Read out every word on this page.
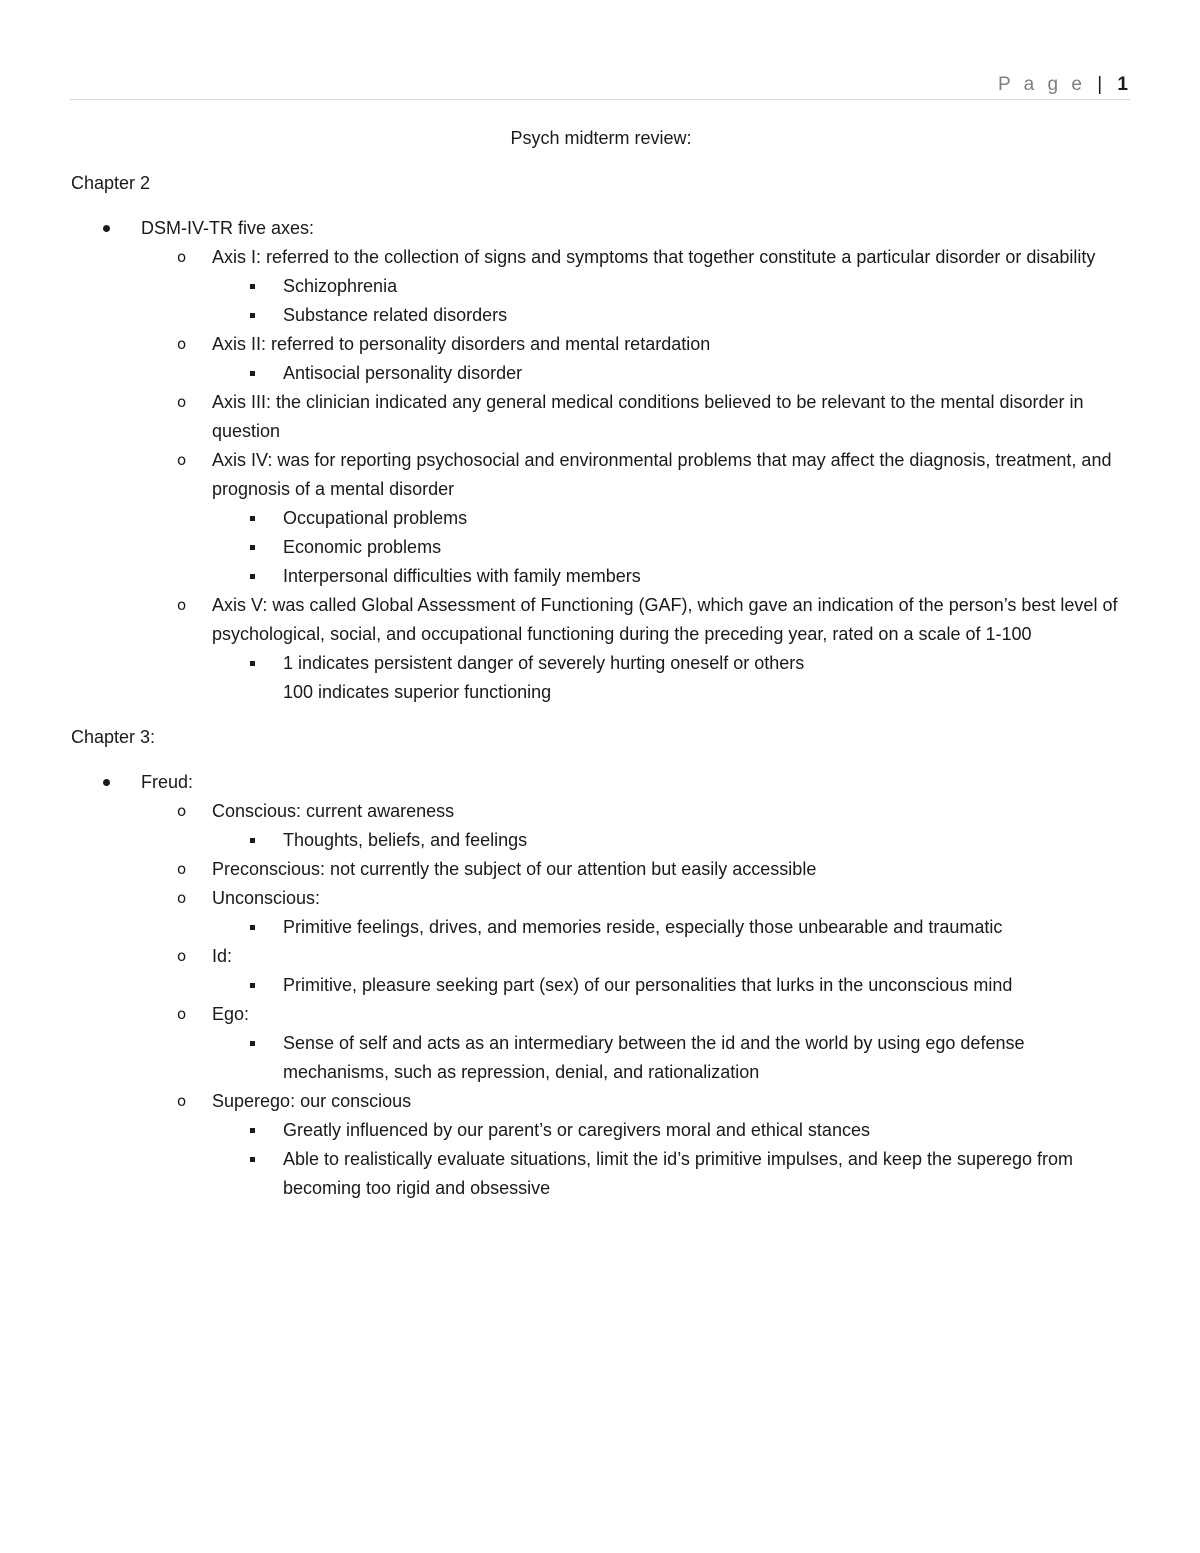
P a g e | 1
Psych midterm review:
Chapter 2
DSM-IV-TR five axes:
o Axis I: referred to the collection of signs and symptoms that together constitute a particular disorder or disability
Schizophrenia
Substance related disorders
o Axis II: referred to personality disorders and mental retardation
Antisocial personality disorder
o Axis III: the clinician indicated any general medical conditions believed to be relevant to the mental disorder in question
o Axis IV: was for reporting psychosocial and environmental problems that may affect the diagnosis, treatment, and prognosis of a mental disorder
Occupational problems
Economic problems
Interpersonal difficulties with family members
o Axis V: was called Global Assessment of Functioning (GAF), which gave an indication of the person’s best level of psychological, social, and occupational functioning during the preceding year, rated on a scale of 1-100
1 indicates persistent danger of severely hurting oneself or others
100 indicates superior functioning
Chapter 3:
Freud:
o Conscious: current awareness
Thoughts, beliefs, and feelings
o Preconscious: not currently the subject of our attention but easily accessible
o Unconscious:
Primitive feelings, drives, and memories reside, especially those unbearable and traumatic
o Id:
Primitive, pleasure seeking part (sex) of our personalities that lurks in the unconscious mind
o Ego:
Sense of self and acts as an intermediary between the id and the world by using ego defense mechanisms, such as repression, denial, and rationalization
o Superego: our conscious
Greatly influenced by our parent’s or caregivers moral and ethical stances
Able to realistically evaluate situations, limit the id’s primitive impulses, and keep the superego from becoming too rigid and obsessive
